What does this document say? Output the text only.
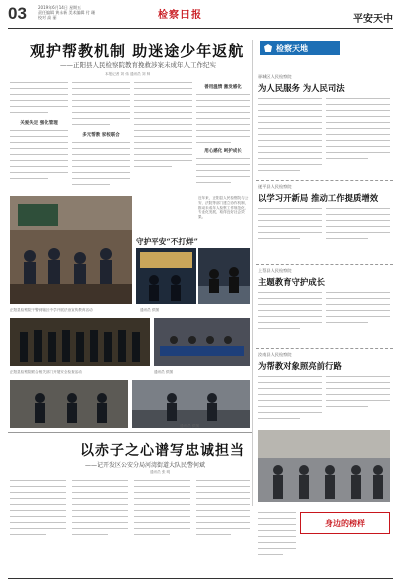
03	2019年6月14日 星期五
责任编辑 黄永新 美术编辑 付 珊
校对 高 丽	检察日报	平安天中
观护帮教机制 助迷途少年返航
——正阳县人民检察院教育挽救涉案未成年人工作纪实
本报记者 刘 伟 通讯员 刘 帅
关爱失足 强化管理
多元帮教 家校联合
善用温情 激发感化
用心感化 呵护成长
守护平安“不打烊”
近年来，正阳县人民检察院与公安、法院等部门建立协作机制，推动未成年人检察工作规范化、专业化发展，取得良好社会效果。
正阳县检察院干警到辖区中学开展法治宣传教育活动	通讯员 供图
正阳县检察院联合相关部门开展安全检查活动	通讯员 供图
通讯员 供图
检察天地
驿城区人民检察院
为人民服务 为人民司法
遂平县人民检察院
以学习开新局 推动工作提质增效
上蔡县人民检察院
主题教育守护成长
汝南县人民检察院
为帮教对象照亮前行路
以赤子之心谱写忠诚担当
——记开发区公安分局河湾街道大队民警何斌
通讯员 张 明
身边的榜样
